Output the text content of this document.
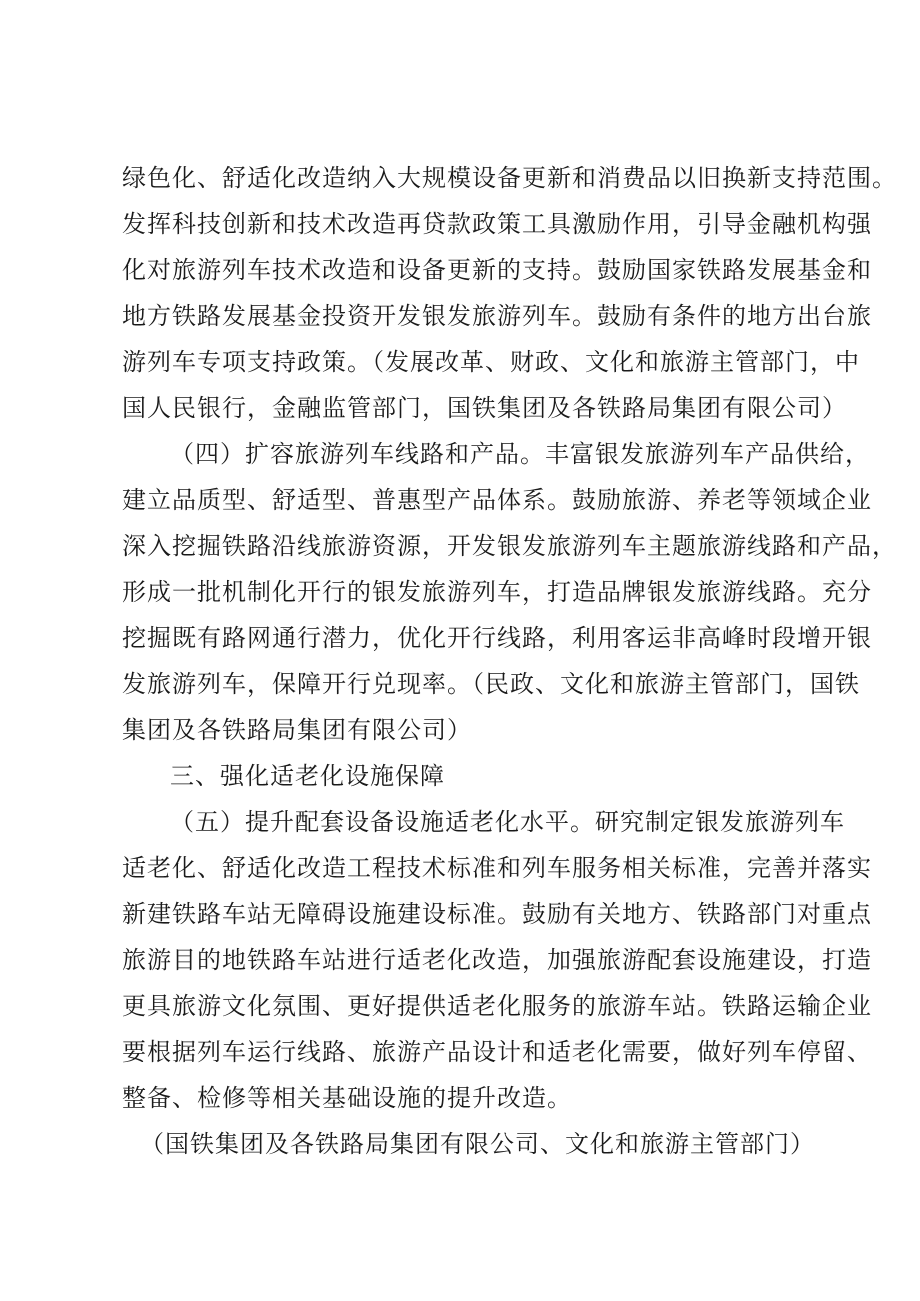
绿色化、舒适化改造纳入大规模设备更新和消费品以旧换新支持范围。
发挥科技创新和技术改造再贷款政策工具激励作用，引导金融机构强
化对旅游列车技术改造和设备更新的支持。鼓励国家铁路发展基金和
地方铁路发展基金投资开发银发旅游列车。鼓励有条件的地方出台旅
游列车专项支持政策。（发展改革、财政、文化和旅游主管部门，中
国人民银行，金融监管部门，国铁集团及各铁路局集团有限公司）
（四）扩容旅游列车线路和产品。丰富银发旅游列车产品供给，
建立品质型、舒适型、普惠型产品体系。鼓励旅游、养老等领域企业
深入挖掘铁路沿线旅游资源，开发银发旅游列车主题旅游线路和产品，
形成一批机制化开行的银发旅游列车，打造品牌银发旅游线路。充分
挖掘既有路网通行潜力，优化开行线路，利用客运非高峰时段增开银
发旅游列车，保障开行兑现率。（民政、文化和旅游主管部门，国铁
集团及各铁路局集团有限公司）
三、强化适老化设施保障
（五）提升配套设备设施适老化水平。研究制定银发旅游列车
适老化、舒适化改造工程技术标准和列车服务相关标准，完善并落实
新建铁路车站无障碍设施建设标准。鼓励有关地方、铁路部门对重点
旅游目的地铁路车站进行适老化改造，加强旅游配套设施建设，打造
更具旅游文化氛围、更好提供适老化服务的旅游车站。铁路运输企业
要根据列车运行线路、旅游产品设计和适老化需要，做好列车停留、
整备、检修等相关基础设施的提升改造。
（国铁集团及各铁路局集团有限公司、文化和旅游主管部门）
